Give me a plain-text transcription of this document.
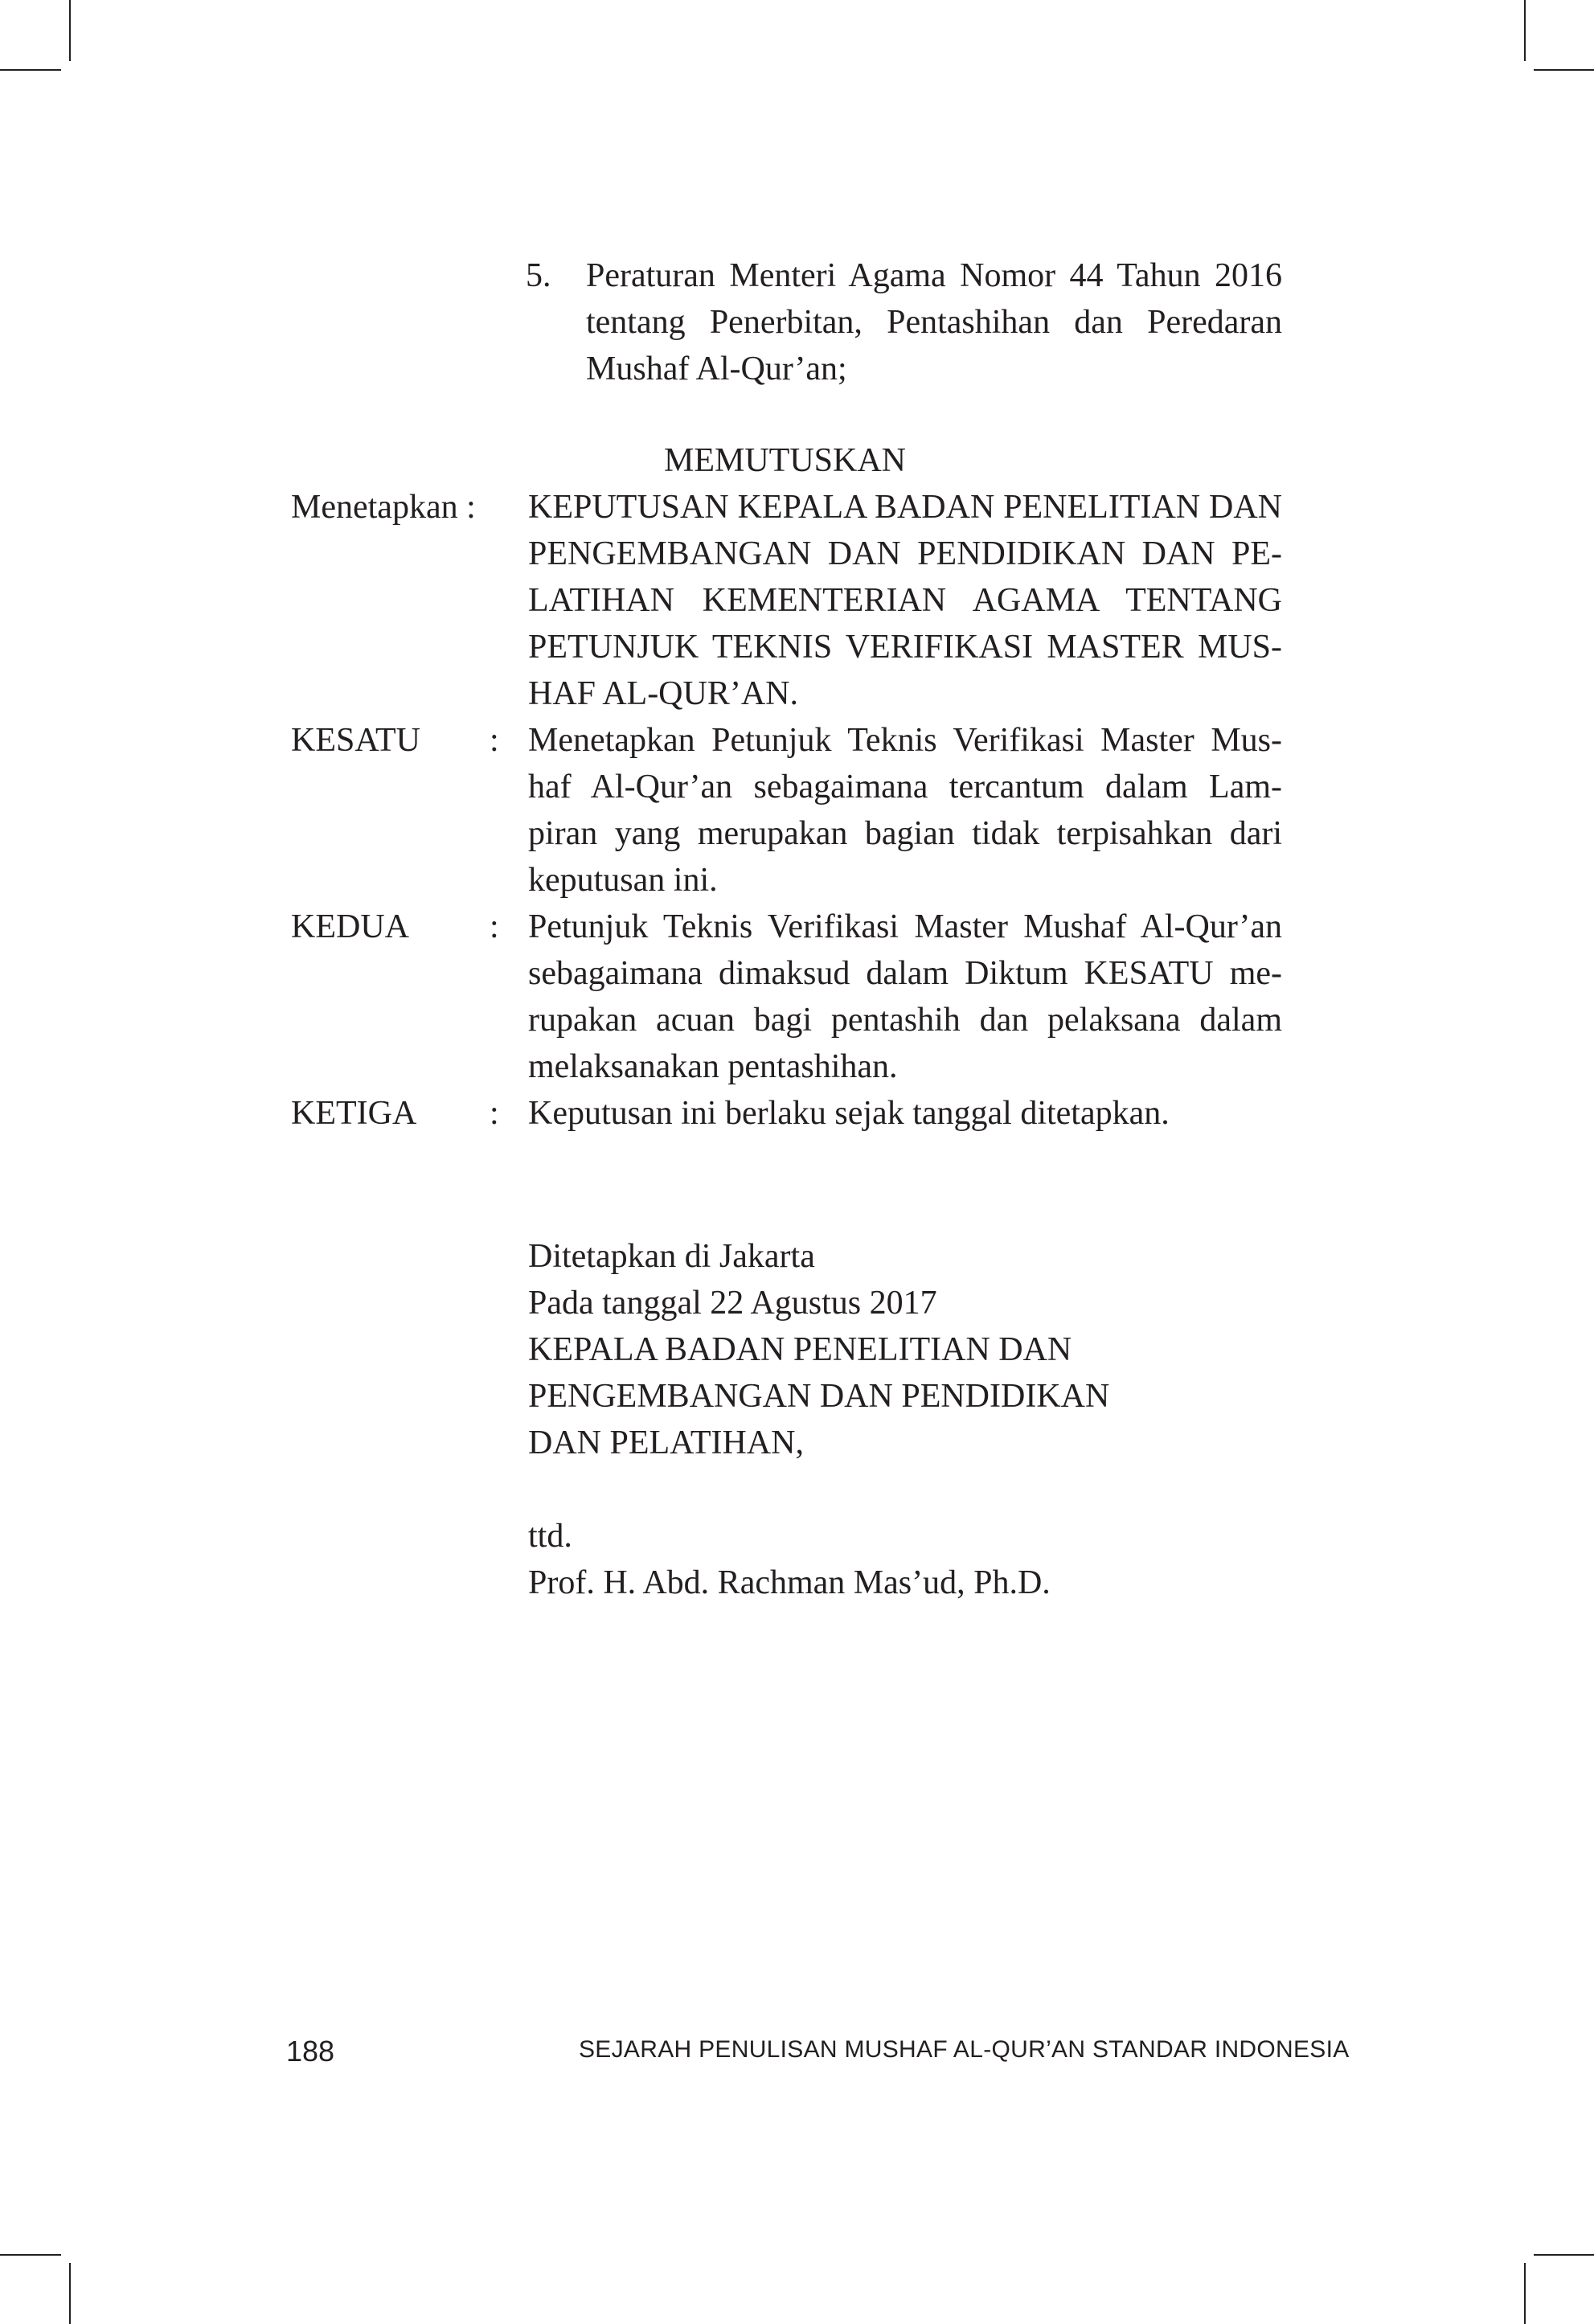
5. Peraturan Menteri Agama Nomor 44 Tahun 2016
tentang Penerbitan, Pentashihan dan Peredaran
Mushaf Al-Qur’an;
MEMUTUSKAN
Menetapkan : KEPUTUSAN KEPALA BADAN PENELITIAN DAN
PENGEMBANGAN DAN PENDIDIKAN DAN PE-
LATIHAN KEMENTERIAN AGAMA TENTANG
PETUNJUK TEKNIS VERIFIKASI MASTER MUS-
HAF AL-QUR’AN.
KESATU : Menetapkan Petunjuk Teknis Verifikasi Master Mus-
haf Al-Qur’an sebagaimana tercantum dalam Lam-
piran yang merupakan bagian tidak terpisahkan dari
keputusan ini.
KEDUA : Petunjuk Teknis Verifikasi Master Mushaf Al-Qur’an
sebagaimana dimaksud dalam Diktum KESATU me-
rupakan acuan bagi pentashih dan pelaksana dalam
melaksanakan pentashihan.
KETIGA : Keputusan ini berlaku sejak tanggal ditetapkan.
Ditetapkan di Jakarta
Pada tanggal 22 Agustus 2017
KEPALA BADAN PENELITIAN DAN
PENGEMBANGAN DAN PENDIDIKAN
DAN PELATIHAN,
ttd.
Prof. H. Abd. Rachman Mas’ud, Ph.D.
188	SEJARAH PENULISAN MUSHAF AL-QUR’AN STANDAR INDONESIA
